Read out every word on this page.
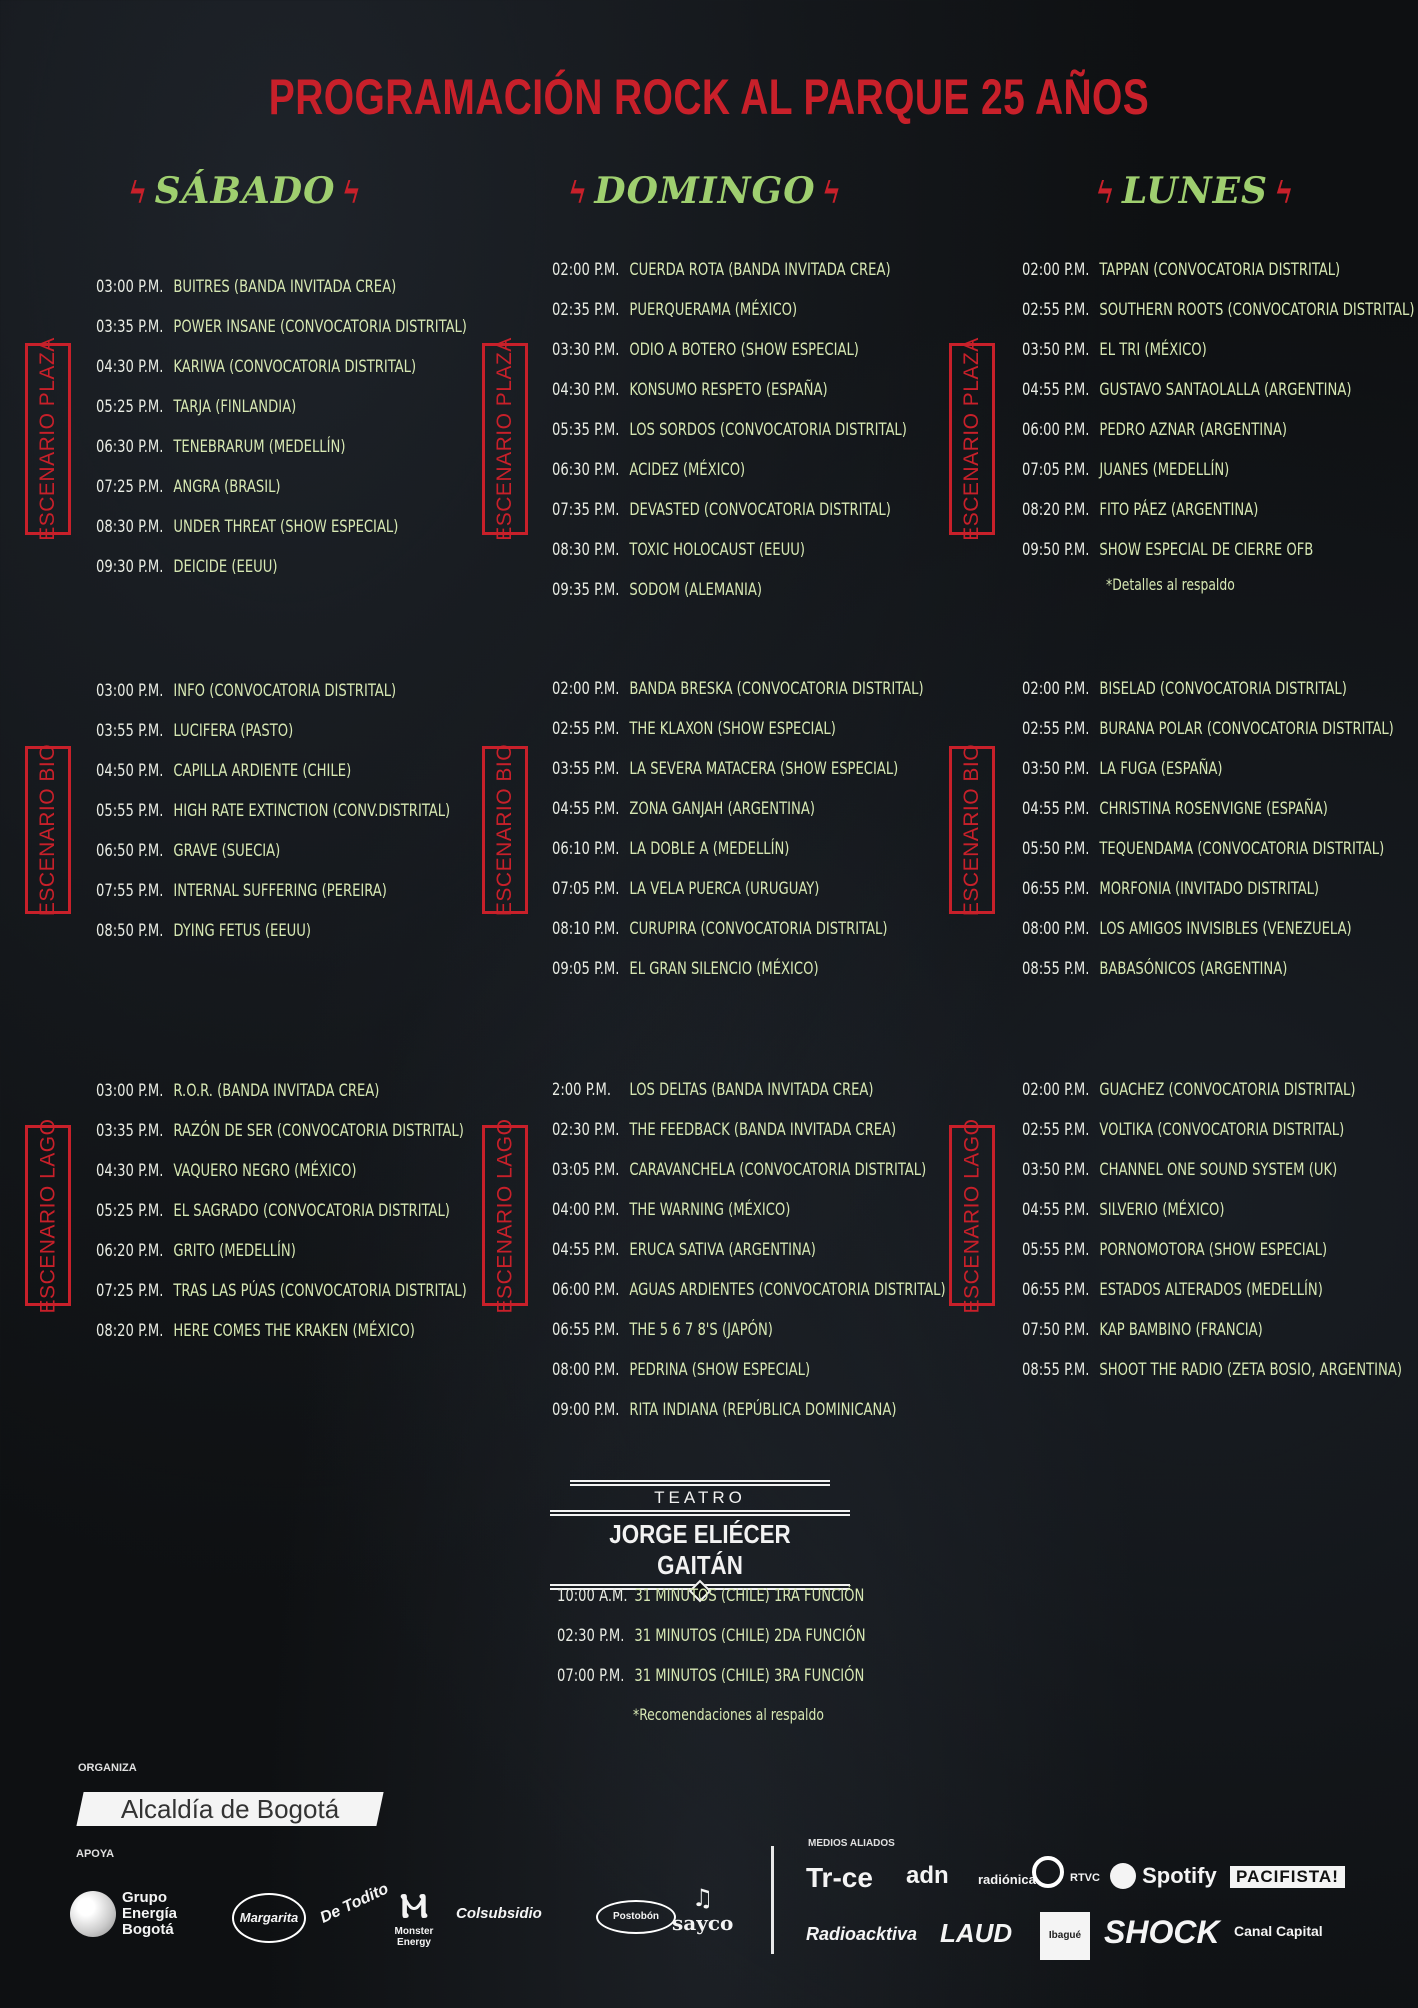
PROGRAMACIÓN ROCK AL PARQUE 25 AÑOS
ϟ SÁBADO ϟ	ϟ DOMINGO ϟ	ϟ LUNES ϟ
ESCENARIO PLAZA
ESCENARIO BIO
ESCENARIO LAGO
ESCENARIO PLAZA
ESCENARIO BIO
ESCENARIO LAGO
ESCENARIO PLAZA
ESCENARIO BIO
ESCENARIO LAGO
03:00 P.M. BUITRES (BANDA INVITADA CREA)
03:35 P.M. POWER INSANE (CONVOCATORIA DISTRITAL)
04:30 P.M. KARIWA (CONVOCATORIA DISTRITAL)
05:25 P.M. TARJA (FINLANDIA)
06:30 P.M. TENEBRARUM (MEDELLÍN)
07:25 P.M. ANGRA (BRASIL)
08:30 P.M. UNDER THREAT (SHOW ESPECIAL)
09:30 P.M. DEICIDE (EEUU)
03:00 P.M. INFO (CONVOCATORIA DISTRITAL)
03:55 P.M. LUCIFERA (PASTO)
04:50 P.M. CAPILLA ARDIENTE (CHILE)
05:55 P.M. HIGH RATE EXTINCTION (CONV.DISTRITAL)
06:50 P.M. GRAVE (SUECIA)
07:55 P.M. INTERNAL SUFFERING (PEREIRA)
08:50 P.M. DYING FETUS (EEUU)
03:00 P.M. R.O.R. (BANDA INVITADA CREA)
03:35 P.M. RAZÓN DE SER (CONVOCATORIA DISTRITAL)
04:30 P.M. VAQUERO NEGRO (MÉXICO)
05:25 P.M. EL SAGRADO (CONVOCATORIA DISTRITAL)
06:20 P.M. GRITO (MEDELLÍN)
07:25 P.M. TRAS LAS PÚAS (CONVOCATORIA DISTRITAL)
08:20 P.M. HERE COMES THE KRAKEN (MÉXICO)
02:00 P.M. CUERDA ROTA (BANDA INVITADA CREA)
02:35 P.M. PUERQUERAMA (MÉXICO)
03:30 P.M. ODIO A BOTERO (SHOW ESPECIAL)
04:30 P.M. KONSUMO RESPETO (ESPAÑA)
05:35 P.M. LOS SORDOS (CONVOCATORIA DISTRITAL)
06:30 P.M. ACIDEZ (MÉXICO)
07:35 P.M. DEVASTED (CONVOCATORIA DISTRITAL)
08:30 P.M. TOXIC HOLOCAUST (EEUU)
09:35 P.M. SODOM (ALEMANIA)
02:00 P.M. BANDA BRESKA (CONVOCATORIA DISTRITAL)
02:55 P.M. THE KLAXON (SHOW ESPECIAL)
03:55 P.M. LA SEVERA MATACERA (SHOW ESPECIAL)
04:55 P.M. ZONA GANJAH (ARGENTINA)
06:10 P.M. LA DOBLE A (MEDELLÍN)
07:05 P.M. LA VELA PUERCA (URUGUAY)
08:10 P.M. CURUPIRA (CONVOCATORIA DISTRITAL)
09:05 P.M. EL GRAN SILENCIO (MÉXICO)
2:00 P.M. LOS DELTAS (BANDA INVITADA CREA)
02:30 P.M. THE FEEDBACK (BANDA INVITADA CREA)
03:05 P.M. CARAVANCHELA (CONVOCATORIA DISTRITAL)
04:00 P.M. THE WARNING (MÉXICO)
04:55 P.M. ERUCA SATIVA (ARGENTINA)
06:00 P.M. AGUAS ARDIENTES (CONVOCATORIA DISTRITAL)
06:55 P.M. THE 5 6 7 8'S (JAPÓN)
08:00 P.M. PEDRINA (SHOW ESPECIAL)
09:00 P.M. RITA INDIANA (REPÚBLICA DOMINICANA)
02:00 P.M. TAPPAN (CONVOCATORIA DISTRITAL)
02:55 P.M. SOUTHERN ROOTS (CONVOCATORIA DISTRITAL)
03:50 P.M. EL TRI (MÉXICO)
04:55 P.M. GUSTAVO SANTAOLALLA (ARGENTINA)
06:00 P.M. PEDRO AZNAR (ARGENTINA)
07:05 P.M. JUANES (MEDELLÍN)
08:20 P.M. FITO PÁEZ (ARGENTINA)
09:50 P.M. SHOW ESPECIAL DE CIERRE OFB
*Detalles al respaldo
02:00 P.M. BISELAD (CONVOCATORIA DISTRITAL)
02:55 P.M. BURANA POLAR (CONVOCATORIA DISTRITAL)
03:50 P.M. LA FUGA (ESPAÑA)
04:55 P.M. CHRISTINA ROSENVIGNE (ESPAÑA)
05:50 P.M. TEQUENDAMA (CONVOCATORIA DISTRITAL)
06:55 P.M. MORFONIA (INVITADO DISTRITAL)
08:00 P.M. LOS AMIGOS INVISIBLES (VENEZUELA)
08:55 P.M. BABASÓNICOS (ARGENTINA)
02:00 P.M. GUACHEZ (CONVOCATORIA DISTRITAL)
02:55 P.M. VOLTIKA (CONVOCATORIA DISTRITAL)
03:50 P.M. CHANNEL ONE SOUND SYSTEM (UK)
04:55 P.M. SILVERIO (MÉXICO)
05:55 P.M. PORNOMOTORA (SHOW ESPECIAL)
06:55 P.M. ESTADOS ALTERADOS (MEDELLÍN)
07:50 P.M. KAP BAMBINO (FRANCIA)
08:55 P.M. SHOOT THE RADIO (ZETA BOSIO, ARGENTINA)
TEATRO
JORGE ELIÉCER GAITÁN
10:00 A.M. 31 MINUTOS (CHILE) 1RA FUNCIÓN
02:30 P.M. 31 MINUTOS (CHILE) 2DA FUNCIÓN
07:00 P.M. 31 MINUTOS (CHILE) 3RA FUNCIÓN
*Recomendaciones al respaldo
ORGANIZA
Alcaldía de Bogotá
APOYA
MEDIOS ALIADOS
Grupo Energía Bogotá
Margarita	De Todito Ⲙ
Monster Energy
Colsubsidio	Postobón
♫
sayco
Tr-ce adn radiónica	RTVC	Spotify	PACIFISTA!
Radioacktiva LAUD	Ibagué SHOCK Canal Capital
